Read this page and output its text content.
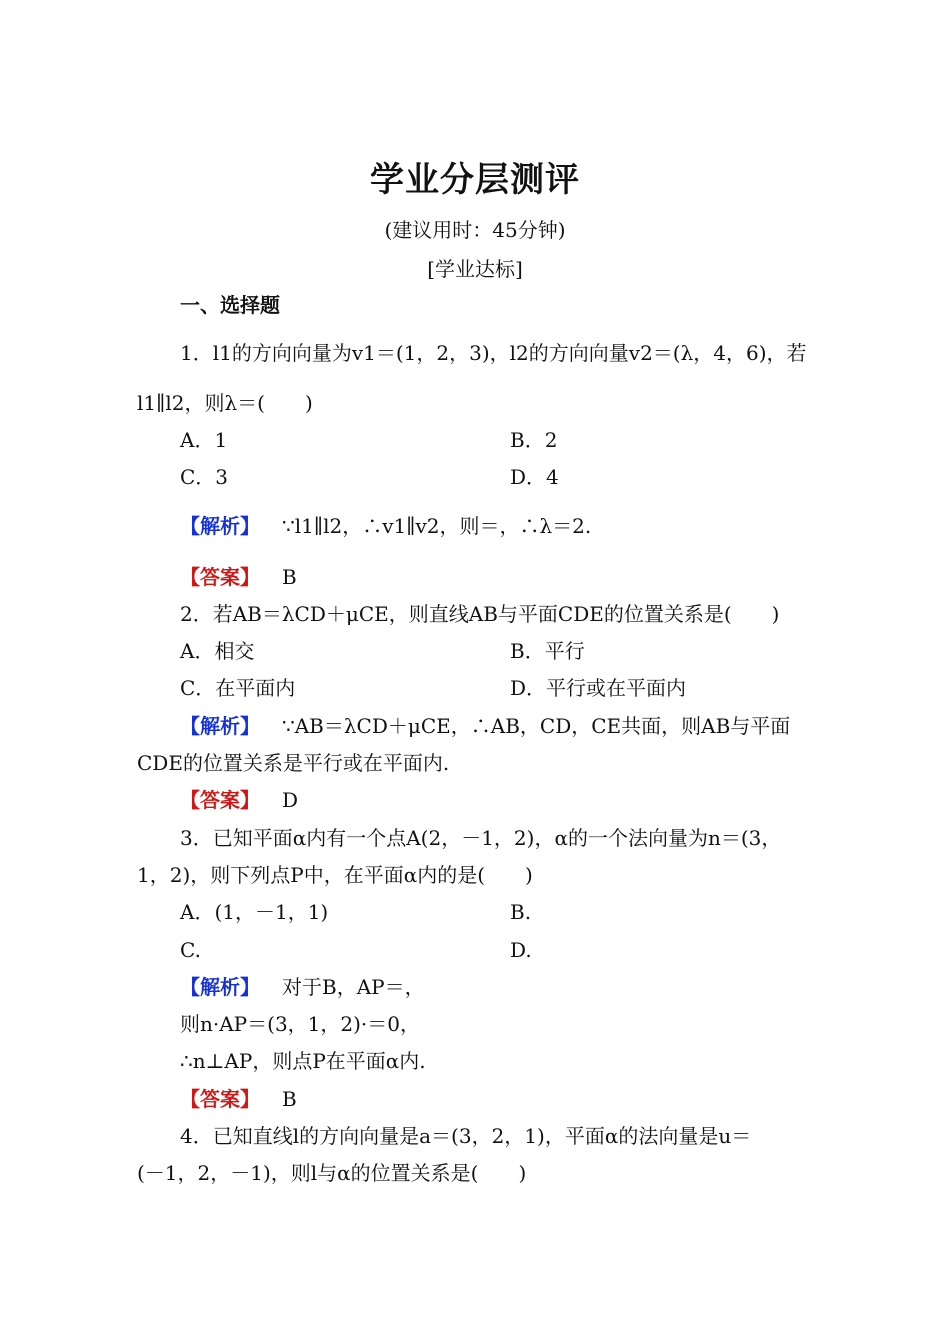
学业分层测评
(建议用时：45分钟)
[学业达标]
一、选择题
1．l1的方向向量为v1＝(1，2，3)，l2的方向向量v2＝(λ，4，6)，若
l1∥l2，则λ＝(　　)
A．1	B．2
C．3	D．4
【解析】 ∵l1∥l2，∴v1∥v2，则＝，∴λ＝2.
【答案】 B
2．若AB＝λCD＋μCE，则直线AB与平面CDE的位置关系是(　　)
A．相交	B．平行
C．在平面内	D．平行或在平面内
【解析】 ∵AB＝λCD＋μCE，∴AB，CD，CE共面，则AB与平面
CDE的位置关系是平行或在平面内.
【答案】 D
3．已知平面α内有一个点A(2，－1，2)，α的一个法向量为n＝(3，
1，2)，则下列点P中，在平面α内的是(　　)
A．(1，－1，1)	B.
C.	D.
【解析】 对于B，AP＝，
则n·AP＝(3，1，2)·＝0，
∴n⊥AP，则点P在平面α内.
【答案】 B
4．已知直线l的方向向量是a＝(3，2，1)，平面α的法向量是u＝
(－1，2，－1)，则l与α的位置关系是(　　)
